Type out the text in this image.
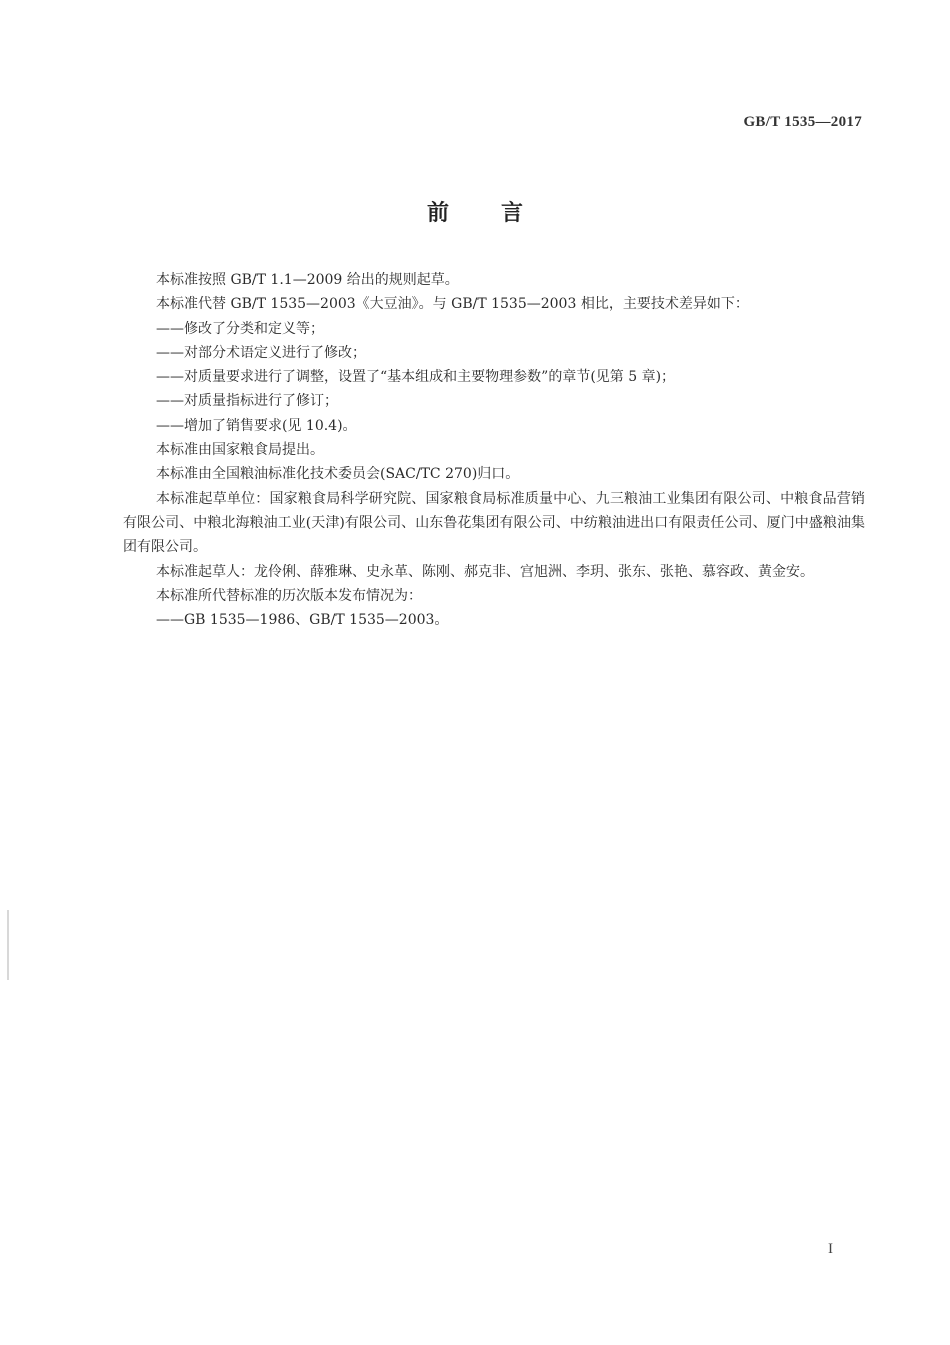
GB/T 1535—2017
前言

本标准按照 GB/T 1.1—2009 给出的规则起草。

本标准代替 GB/T 1535—2003《大豆油》。与 GB/T 1535—2003 相比，主要技术差异如下：

——修改了分类和定义等；

——对部分术语定义进行了修改；

——对质量要求进行了调整，设置了“基本组成和主要物理参数”的章节(见第 5 章)；

——对质量指标进行了修订；

——增加了销售要求(见 10.4)。

本标准由国家粮食局提出。

本标准由全国粮油标准化技术委员会(SAC/TC 270)归口。

本标准起草单位：国家粮食局科学研究院、国家粮食局标准质量中心、九三粮油工业集团有限公司、中粮食品营销有限公司、中粮北海粮油工业(天津)有限公司、山东鲁花集团有限公司、中纺粮油进出口有限责任公司、厦门中盛粮油集团有限公司。

本标准起草人：龙伶俐、薛雅琳、史永革、陈刚、郝克非、宫旭洲、李玥、张东、张艳、慕容政、黄金安。

本标准所代替标准的历次版本发布情况为：

——GB 1535—1986、GB/T 1535—2003。

I
